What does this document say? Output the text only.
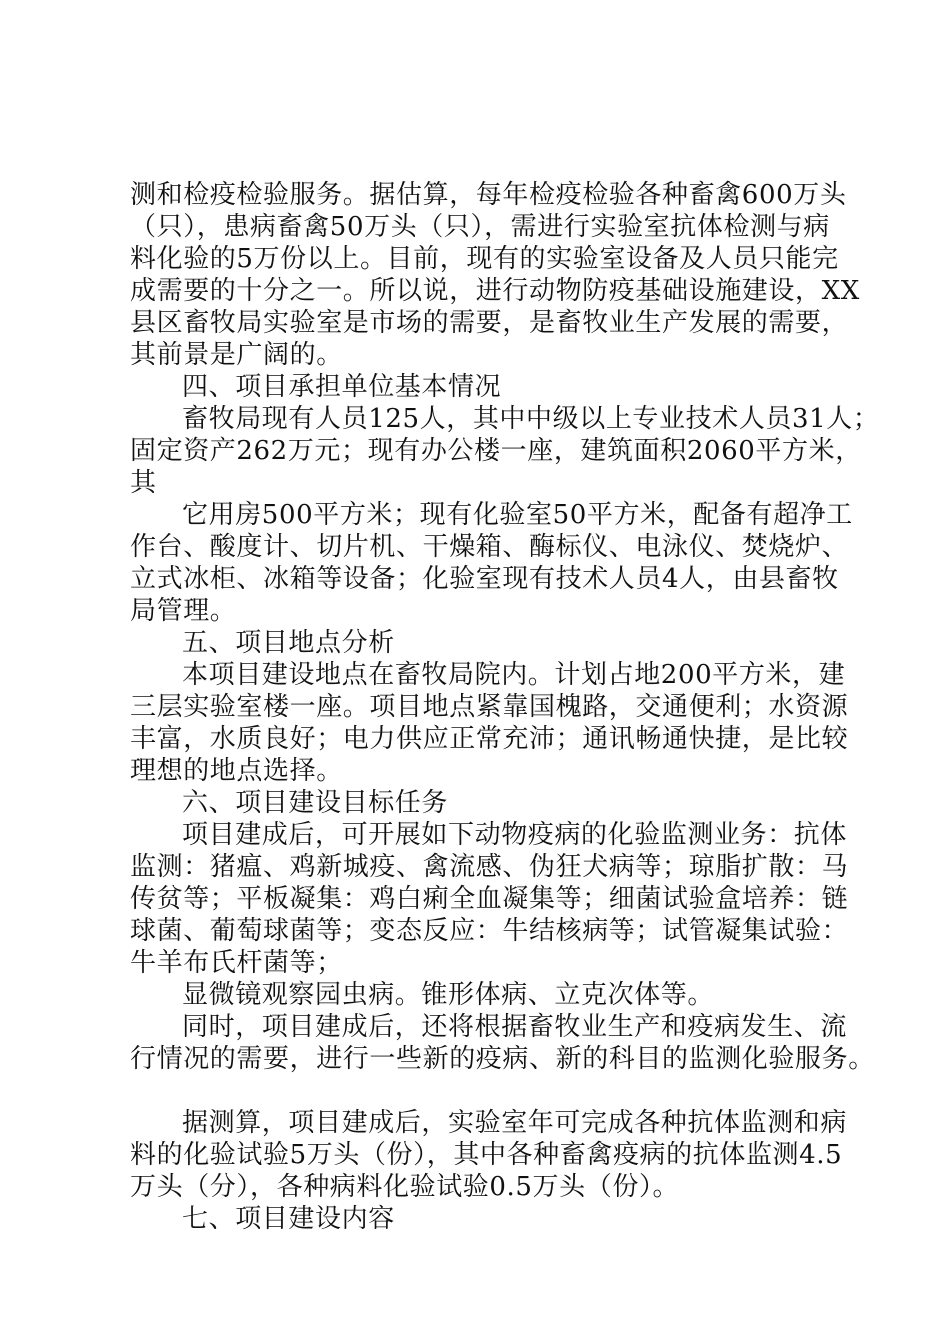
测和检疫检验服务。据估算，每年检疫检验各种畜禽600万头
（只），患病畜禽50万头（只），需进行实验室抗体检测与病
料化验的5万份以上。目前，现有的实验室设备及人员只能完
成需要的十分之一。所以说，进行动物防疫基础设施建设，XX
县区畜牧局实验室是市场的需要，是畜牧业生产发展的需要，
其前景是广阔的。
四、项目承担单位基本情况
畜牧局现有人员125人，其中中级以上专业技术人员31人；
固定资产262万元；现有办公楼一座，建筑面积2060平方米，
其
它用房500平方米；现有化验室50平方米，配备有超净工
作台、酸度计、切片机、干燥箱、酶标仪、电泳仪、焚烧炉、
立式冰柜、冰箱等设备；化验室现有技术人员4人，由县畜牧
局管理。
五、项目地点分析
本项目建设地点在畜牧局院内。计划占地200平方米，建
三层实验室楼一座。项目地点紧靠国槐路，交通便利；水资源
丰富，水质良好；电力供应正常充沛；通讯畅通快捷，是比较
理想的地点选择。
六、项目建设目标任务
项目建成后，可开展如下动物疫病的化验监测业务：抗体
监测：猪瘟、鸡新城疫、禽流感、伪狂犬病等；琼脂扩散：马
传贫等；平板凝集：鸡白痢全血凝集等；细菌试验盒培养：链
球菌、葡萄球菌等；变态反应：牛结核病等；试管凝集试验：
牛羊布氏杆菌等；
显微镜观察园虫病。锥形体病、立克次体等。
同时，项目建成后，还将根据畜牧业生产和疫病发生、流
行情况的需要，进行一些新的疫病、新的科目的监测化验服务。
据测算，项目建成后，实验室年可完成各种抗体监测和病
料的化验试验5万头（份），其中各种畜禽疫病的抗体监测4.5
万头（分），各种病料化验试验0.5万头（份）。
七、项目建设内容
